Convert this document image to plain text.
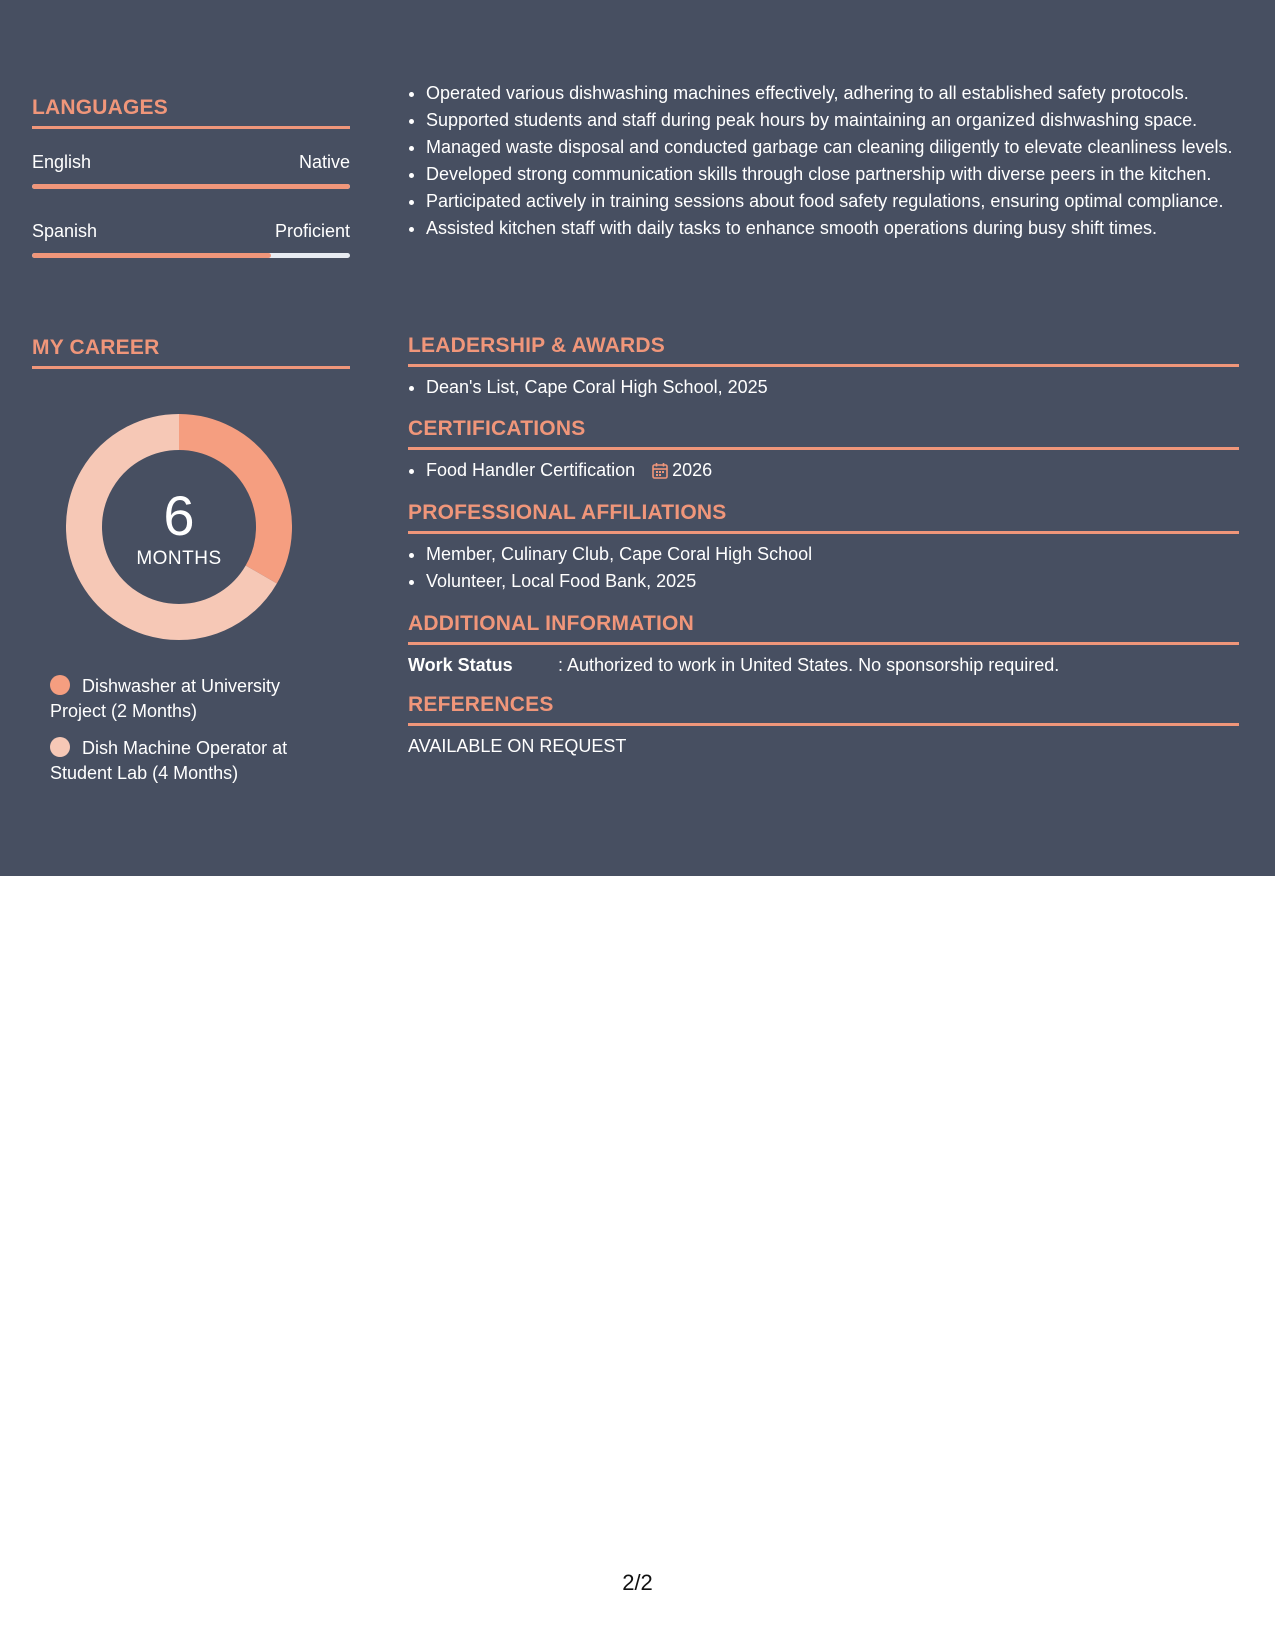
LANGUAGES
English	Native
Spanish	Proficient
MY CAREER
6
MONTHS
Dishwasher at University Project (2 Months)
Dish Machine Operator at Student Lab (4 Months)
• Operated various dishwashing machines effectively, adhering to all established safety protocols.
• Supported students and staff during peak hours by maintaining an organized dishwashing space.
• Managed waste disposal and conducted garbage can cleaning diligently to elevate cleanliness levels.
• Developed strong communication skills through close partnership with diverse peers in the kitchen.
• Participated actively in training sessions about food safety regulations, ensuring optimal compliance.
• Assisted kitchen staff with daily tasks to enhance smooth operations during busy shift times.
LEADERSHIP & AWARDS
• Dean's List, Cape Coral High School, 2025
CERTIFICATIONS
• Food Handler Certification 2026
PROFESSIONAL AFFILIATIONS
• Member, Culinary Club, Cape Coral High School
• Volunteer, Local Food Bank, 2025
ADDITIONAL INFORMATION
Work Status	: Authorized to work in United States. No sponsorship required.
REFERENCES
AVAILABLE ON REQUEST
2/2
